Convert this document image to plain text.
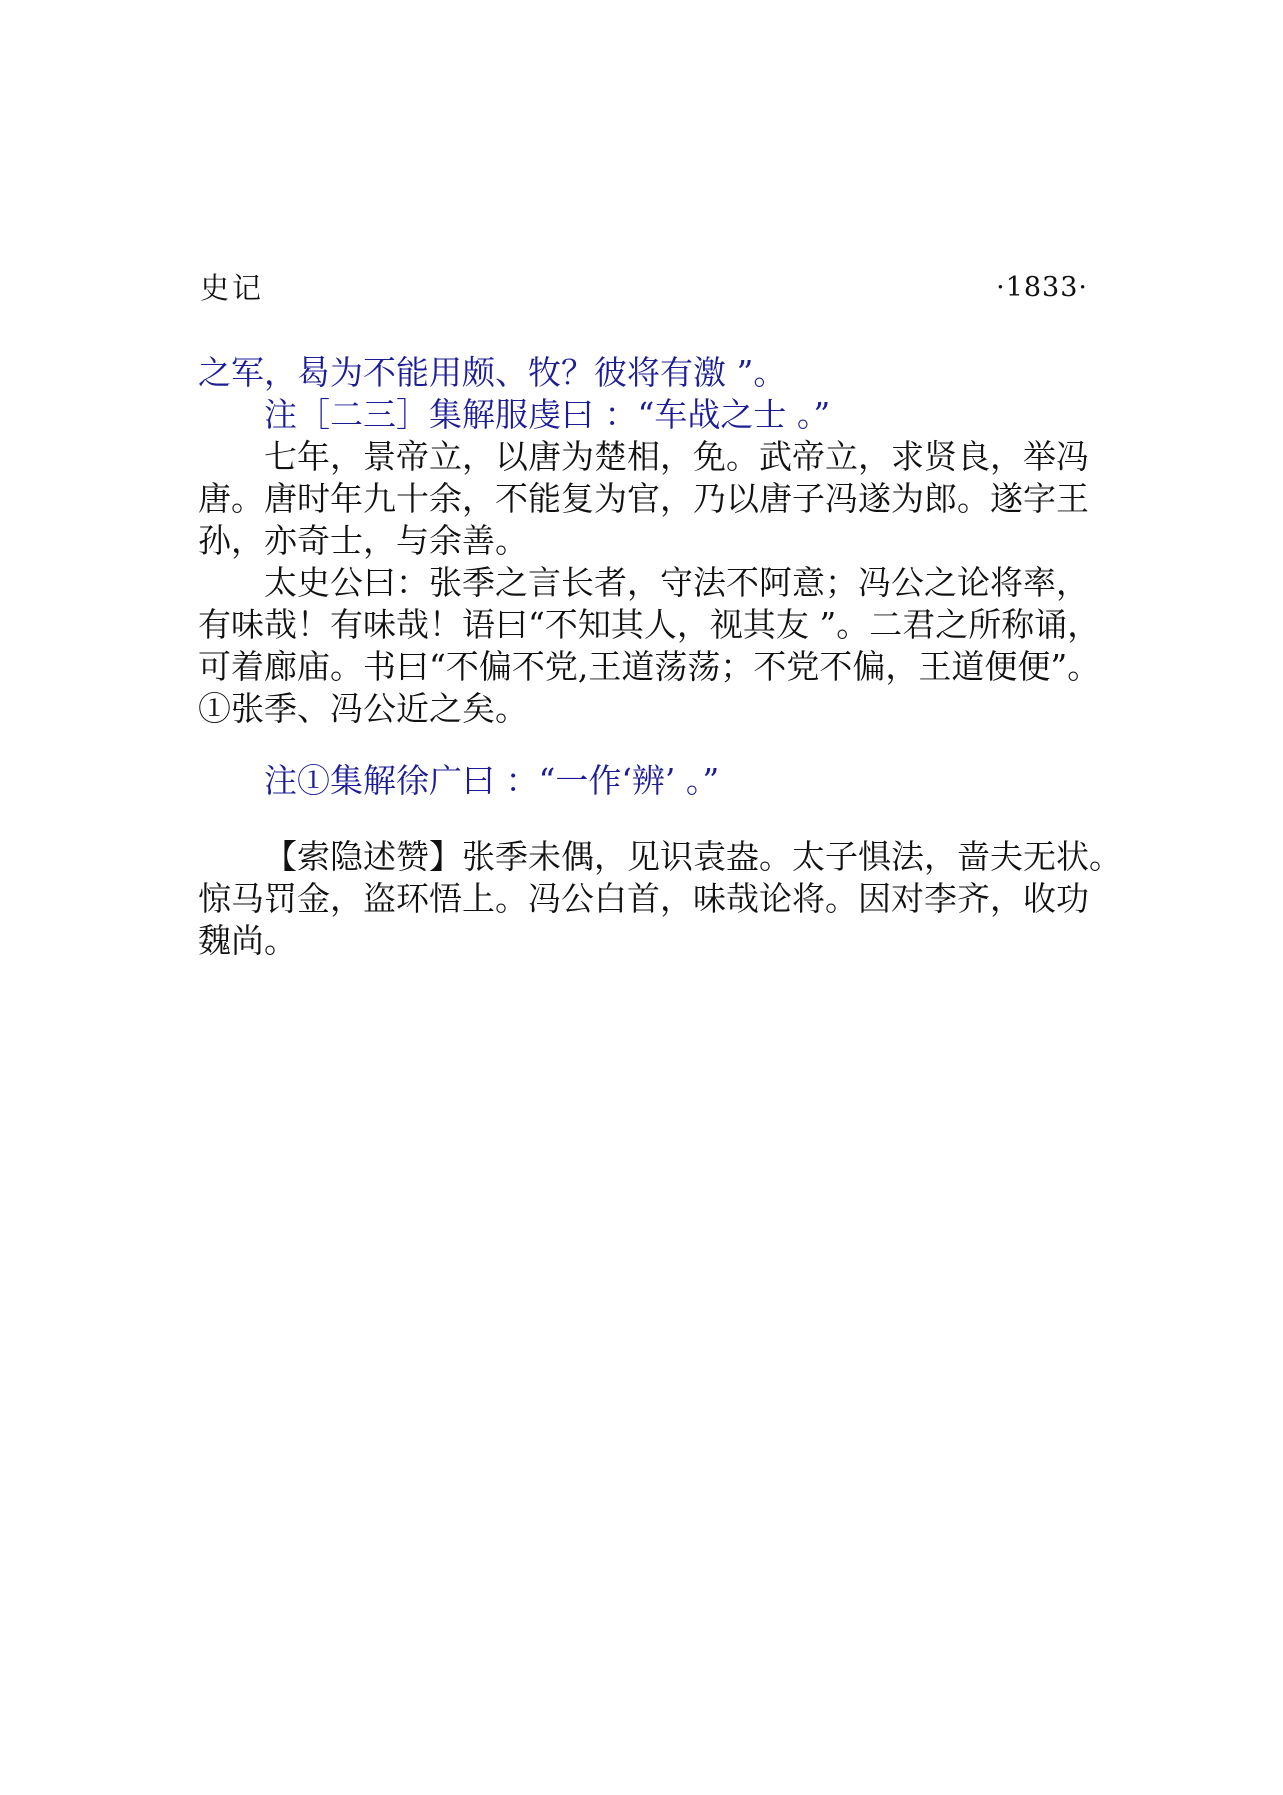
史记	·1833·
之军，曷为不能用颇、牧？彼将有激 ”。
注［二三］集解服虔曰 ：“车战之士 。”
七年，景帝立，以唐为楚相，免。武帝立，求贤良，举冯
唐。唐时年九十余，不能复为官，乃以唐子冯遂为郎。遂字王
孙，亦奇士，与余善。
太史公曰：张季之言长者，守法不阿意；冯公之论将率，
有味哉！有味哉！语曰“不知其人，视其友 ”。二君之所称诵，
可着廊庙。书曰“不偏不党,王道荡荡；不党不偏，王道便便”。
①张季、冯公近之矣。
注①集解徐广曰 ：“一作‘辨’ 。”
【索隐述赞】张季未偶，见识袁盎。太子惧法，啬夫无状。
惊马罚金，盗环悟上。冯公白首，味哉论将。因对李齐，收功
魏尚。
